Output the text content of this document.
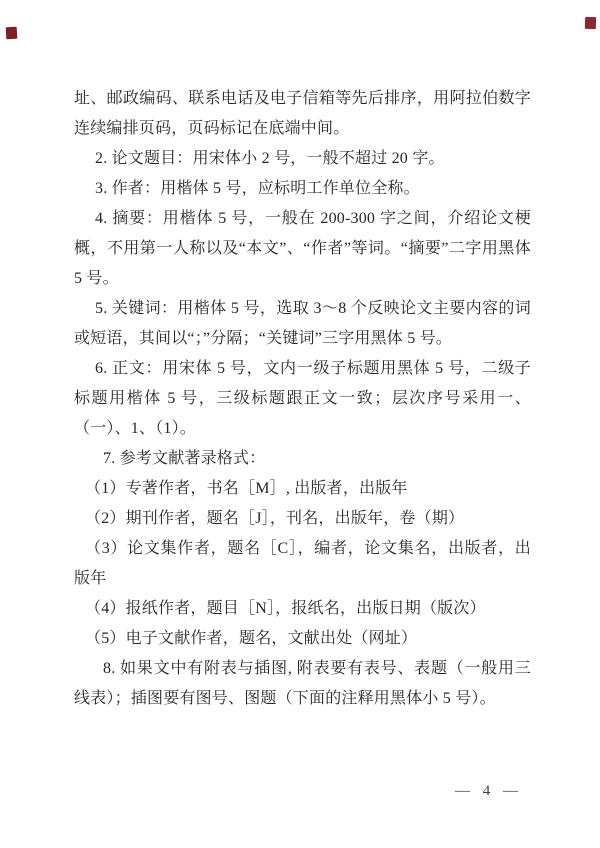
址、邮政编码、联系电话及电子信箱等先后排序，用阿拉伯数字连续编排页码，页码标记在底端中间。

2. 论文题目：用宋体小 2 号，一般不超过 20 字。

3. 作者：用楷体 5 号，应标明工作单位全称。

4. 摘要：用楷体 5 号，一般在 200-300 字之间，介绍论文梗概，不用第一人称以及“本文”、“作者”等词。“摘要”二字用黑体 5 号。

5. 关键词：用楷体 5 号，选取 3～8 个反映论文主要内容的词或短语，其间以“；”分隔；“关键词”三字用黑体 5 号。

6. 正文：用宋体 5 号，文内一级子标题用黑体 5 号，二级子标题用楷体 5 号，三级标题跟正文一致；层次序号采用一、（一）、1、（1）。

7. 参考文献著录格式：

（1）专著作者，书名［M］, 出版者，出版年

（2）期刊作者，题名［J］，刊名，出版年，卷（期）

（3）论文集作者，题名［C］，编者，论文集名，出版者，出版年

（4）报纸作者，题目［N］，报纸名，出版日期（版次）

（5）电子文献作者，题名，文献出处（网址）

8. 如果文中有附表与插图, 附表要有表号、表题（一般用三线表）；插图要有图号、图题（下面的注释用黑体小 5 号）。

— 4 —
